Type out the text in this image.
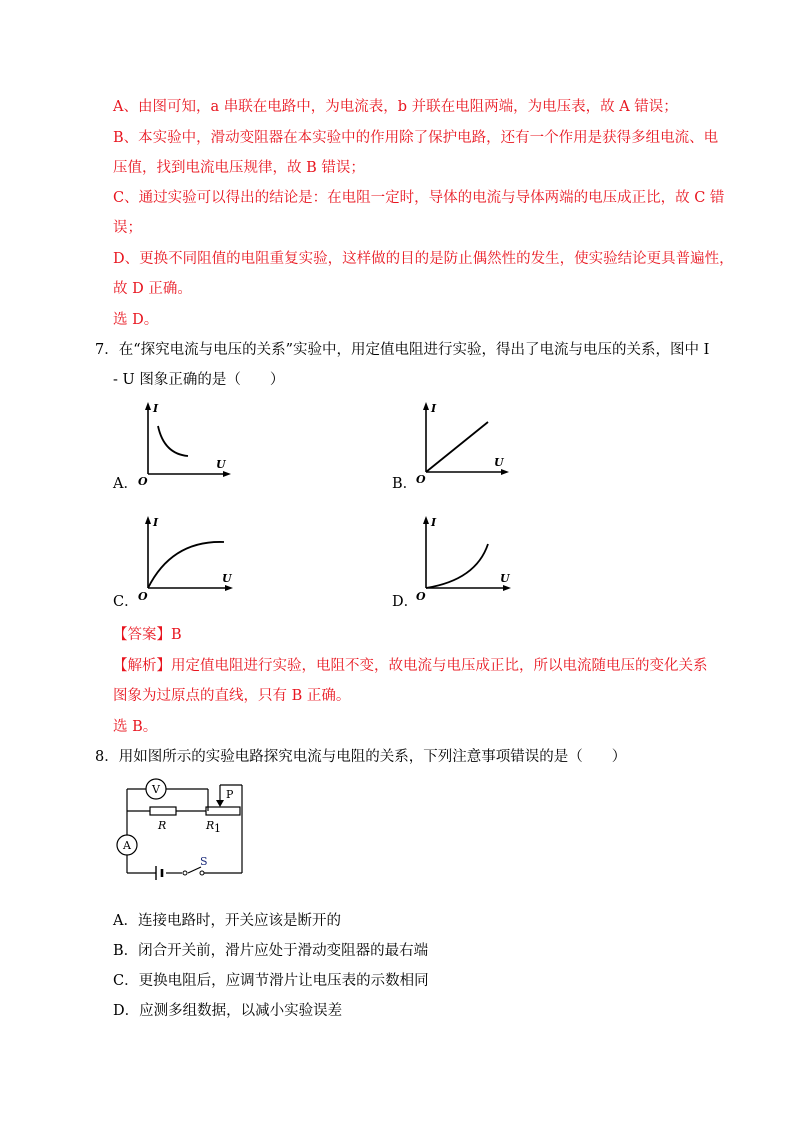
A、由图可知，a 串联在电路中，为电流表，b 并联在电阻两端，为电压表，故 A 错误；
B、本实验中，滑动变阻器在本实验中的作用除了保护电路，还有一个作用是获得多组电流、电
压值，找到电流电压规律，故 B 错误；
C、通过实验可以得出的结论是：在电阻一定时，导体的电流与导体两端的电压成正比，故 C 错
误；
D、更换不同阻值的电阻重复实验，这样做的目的是防止偶然性的发生，使实验结论更具普遍性，
故 D 正确。
选 D。
7．在“探究电流与电压的关系”实验中，用定值电阻进行实验，得出了电流与电压的关系，图中 I
- U 图象正确的是（　　）
A．
I
U
O	B．
I
U
O
C．
I
U
O	D．
I
U
O
【答案】B
【解析】用定值电阻进行实验，电阻不变，故电流与电压成正比，所以电流随电压的变化关系
图象为过原点的直线，只有 B 正确。
选 B。
8．用如图所示的实验电路探究电流与电阻的关系，下列注意事项错误的是（　　）
V
A
P
R	R 1
S
A．连接电路时，开关应该是断开的
B．闭合开关前，滑片应处于滑动变阻器的最右端
C．更换电阻后，应调节滑片让电压表的示数相同
D．应测多组数据，以减小实验误差
